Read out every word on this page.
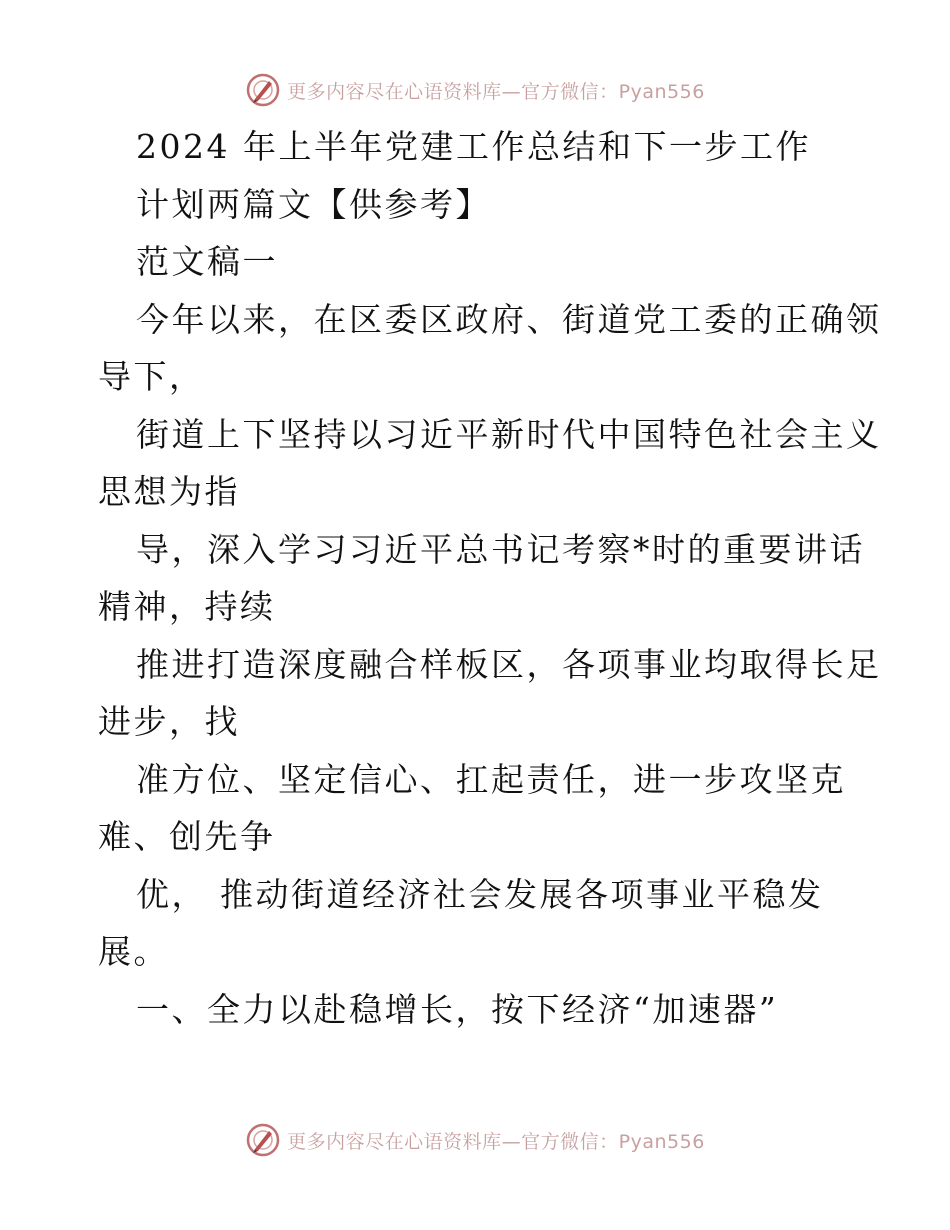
更多内容尽在心语资料库—官方微信：Pyan556
2024 年上半年党建工作总结和下一步工作
计划两篇文【供参考】
范文稿一
今年以来，在区委区政府、街道党工委的正确领
导下，
街道上下坚持以习近平新时代中国特色社会主义
思想为指
导，深入学习习近平总书记考察*时的重要讲话
精神，持续
推进打造深度融合样板区，各项事业均取得长足
进步，找
准方位、坚定信心、扛起责任，进一步攻坚克
难、创先争
优， 推动街道经济社会发展各项事业平稳发
展。
一、全力以赴稳增长，按下经济“加速器”
更多内容尽在心语资料库—官方微信：Pyan556
